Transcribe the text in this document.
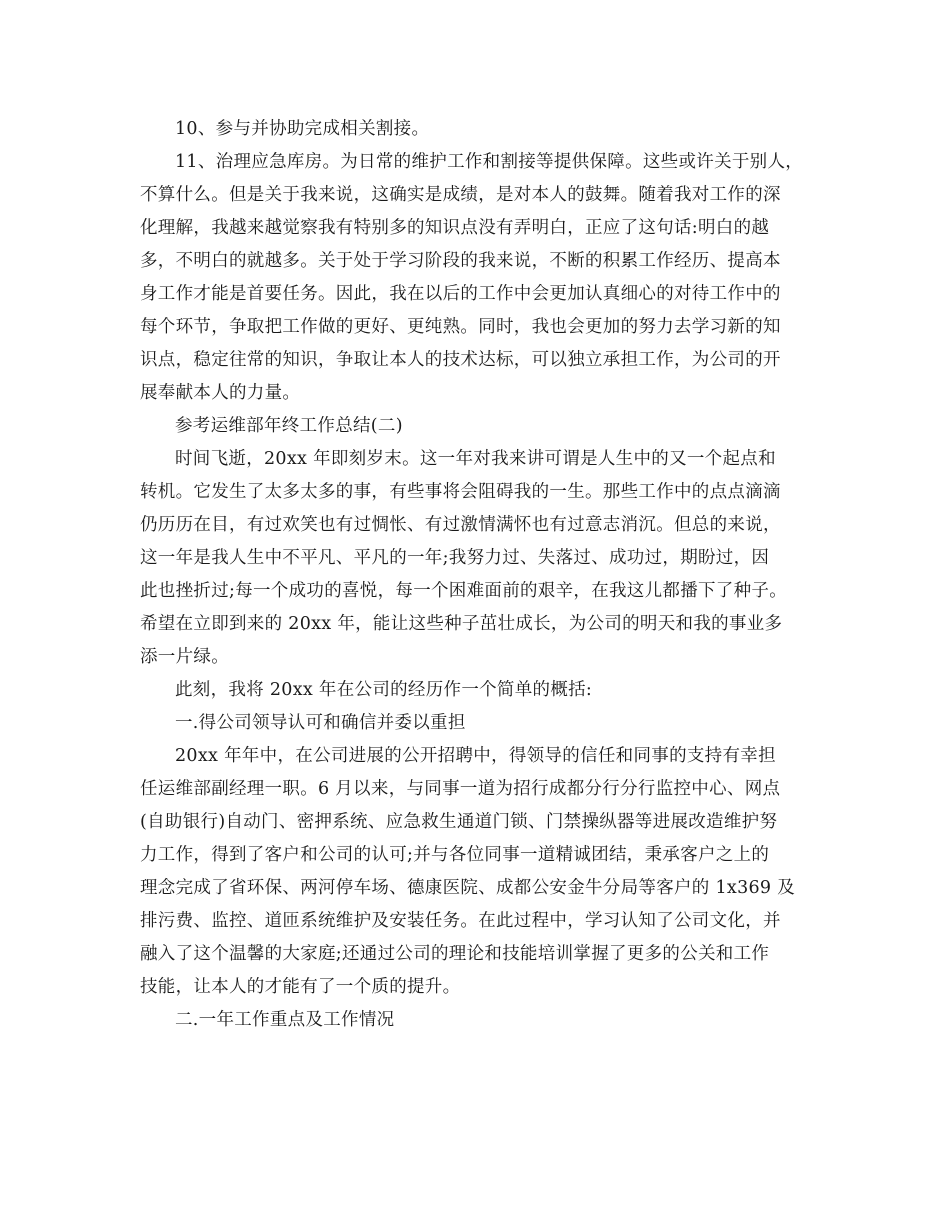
10、参与并协助完成相关割接。
11、治理应急库房。为日常的维护工作和割接等提供保障。这些或许关于别人，
不算什么。但是关于我来说，这确实是成绩，是对本人的鼓舞。随着我对工作的深
化理解，我越来越觉察我有特别多的知识点没有弄明白，正应了这句话:明白的越
多，不明白的就越多。关于处于学习阶段的我来说，不断的积累工作经历、提高本
身工作才能是首要任务。因此，我在以后的工作中会更加认真细心的对待工作中的
每个环节，争取把工作做的更好、更纯熟。同时，我也会更加的努力去学习新的知
识点，稳定往常的知识，争取让本人的技术达标，可以独立承担工作，为公司的开
展奉献本人的力量。
参考运维部年终工作总结(二)
时间飞逝，20xx 年即刻岁末。这一年对我来讲可谓是人生中的又一个起点和
转机。它发生了太多太多的事，有些事将会阻碍我的一生。那些工作中的点点滴滴
仍历历在目，有过欢笑也有过惆怅、有过激情满怀也有过意志消沉。但总的来说，
这一年是我人生中不平凡、平凡的一年;我努力过、失落过、成功过，期盼过，因
此也挫折过;每一个成功的喜悦，每一个困难面前的艰辛，在我这儿都播下了种子。
希望在立即到来的 20xx 年，能让这些种子茁壮成长，为公司的明天和我的事业多
添一片绿。
此刻，我将 20xx 年在公司的经历作一个简单的概括:
一.得公司领导认可和确信并委以重担
20xx 年年中，在公司进展的公开招聘中，得领导的信任和同事的支持有幸担
任运维部副经理一职。6 月以来，与同事一道为招行成都分行分行监控中心、网点
(自助银行)自动门、密押系统、应急救生通道门锁、门禁操纵器等进展改造维护努
力工作，得到了客户和公司的认可;并与各位同事一道精诚团结，秉承客户之上的
理念完成了省环保、两河停车场、德康医院、成都公安金牛分局等客户的 1x369 及
排污费、监控、道匝系统维护及安装任务。在此过程中，学习认知了公司文化，并
融入了这个温馨的大家庭;还通过公司的理论和技能培训掌握了更多的公关和工作
技能，让本人的才能有了一个质的提升。
二.一年工作重点及工作情况
